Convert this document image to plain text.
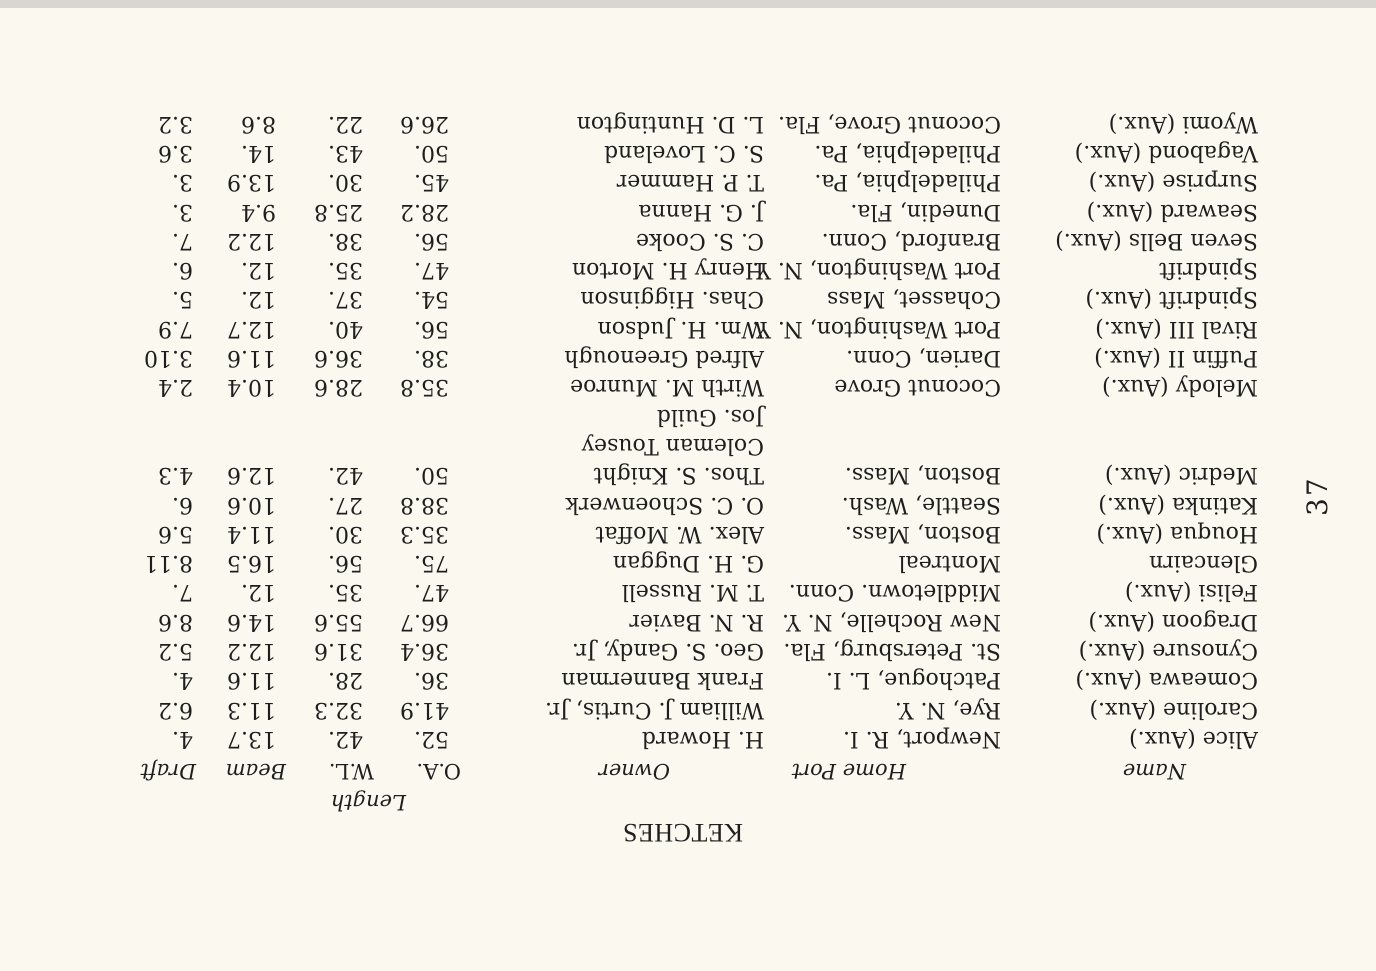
37
KETCHES
Length
Name
Home Port
Owner
O.A.
W.L.
Beam
Draft
Alice (Aux.)
Newport, R. I.
H. Howard
52.
42.
13.7
4.
Caroline (Aux.)
Rye, N. Y.
William J. Curtis, Jr.
41.9
32.3
11.3
6.2
Comeawa (Aux.)
Patchogue, L. I.
Frank Bannerman
36.
28.
11.6
4.
Cynosure (Aux.)
St. Petersburg, Fla.
Geo. S. Gandy, Jr.
36.4
31.6
12.2
5.2
Dragoon (Aux.)
New Rochelle, N. Y.
R. N. Bavier
66.7
55.6
14.6
8.6
Felisi (Aux.)
Middletown. Conn.
T. M. Russell
47.
35.
12.
7.
Glencairn
Montreal
G. H. Duggan
75.
56.
16.5
8.11
Houqua (Aux.)
Boston, Mass.
Alex. W. Moffat
35.3
30.
11.4
5.6
Katinka (Aux.)
Seattle, Wash.
O. C. Schoenwerk
38.8
27.
10.6
6.
Medric (Aux.)
Boston, Mass.
Thos. S. Knight
50.
42.
12.6
4.3
Coleman Tousey
Jos. Guild
Melody (Aux.)
Coconut Grove
Wirth M. Munroe
35.8
28.6
10.4
2.4
Puffin II (Aux.)
Darien, Conn.
Alfred Greenough
38.
36.6
11.6
3.10
Rival III (Aux.)
Port Washington, N. Y.
Wm. H. Judson
56.
40.
12.7
7.9
Spindrift (Aux.)
Cohasset, Mass
Chas. Higginson
54.
37.
12.
5.
Spindrift
Port Washington, N. Y.
Henry H. Morton
47.
35.
12.
6.
Seven Bells (Aux.)
Branford, Conn.
C. S. Cooke
56.
38.
12.2
7.
Seaward (Aux.)
Dunedin, Fla.
J. G. Hanna
28.2
25.8
9.4
3.
Surprise (Aux.)
Philadelphia, Pa.
T. P. Hammer
45.
30.
13.9
3.
Vagabond (Aux.)
Philadelphia, Pa.
S. C. Loveland
50.
43.
14.
3.6
Wyomi (Aux.)
Coconut Grove, Fla.
L. D. Huntington
26.6
22.
8.6
3.2
